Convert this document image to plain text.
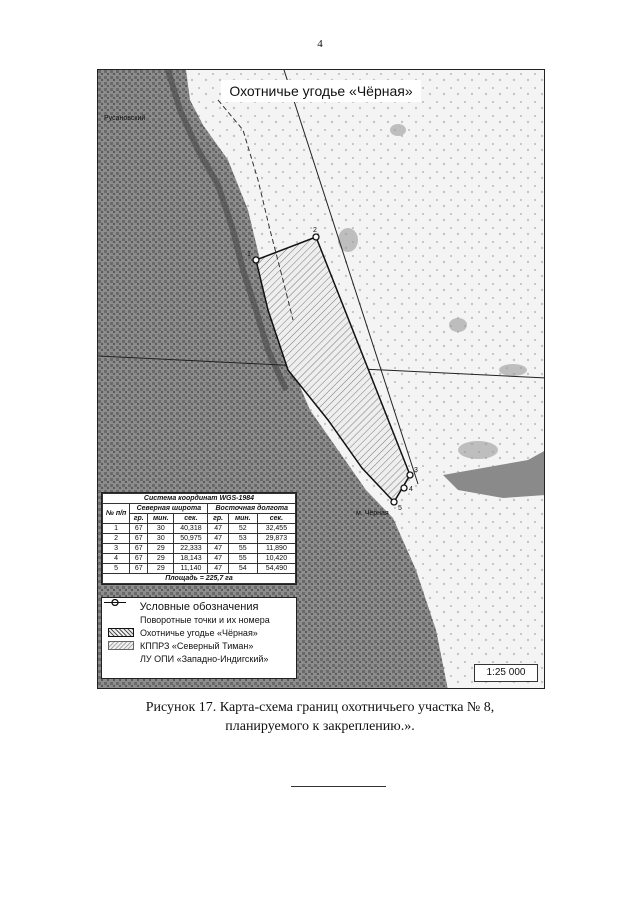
4
1
2
3
4
5
Русановский
м. Чёрная
Охотничье угодье «Чёрная»
Система координат WGS-1984						
№ п/п	Северная широта			Восточная долгота		
	гр.	мин.	сек.	гр.	мин.	сек.
1	67	30	40,318	47	52	32,455
2	67	30	50,975	47	53	29,873
3	67	29	22,333	47	55	11,890
4	67	29	18,143	47	55	10,420
5	67	29	11,140	47	54	54,490
Площадь = 225,7 га						
Условные обозначения
Поворотные точки и их номера
Охотничье угодье «Чёрная»
КППРЗ «Северный Тиман»
ЛУ ОПИ «Западно-Индигский»
1:25 000
Рисунок 17. Карта-схема границ охотничьего участка № 8,
планируемого к закреплению.».
